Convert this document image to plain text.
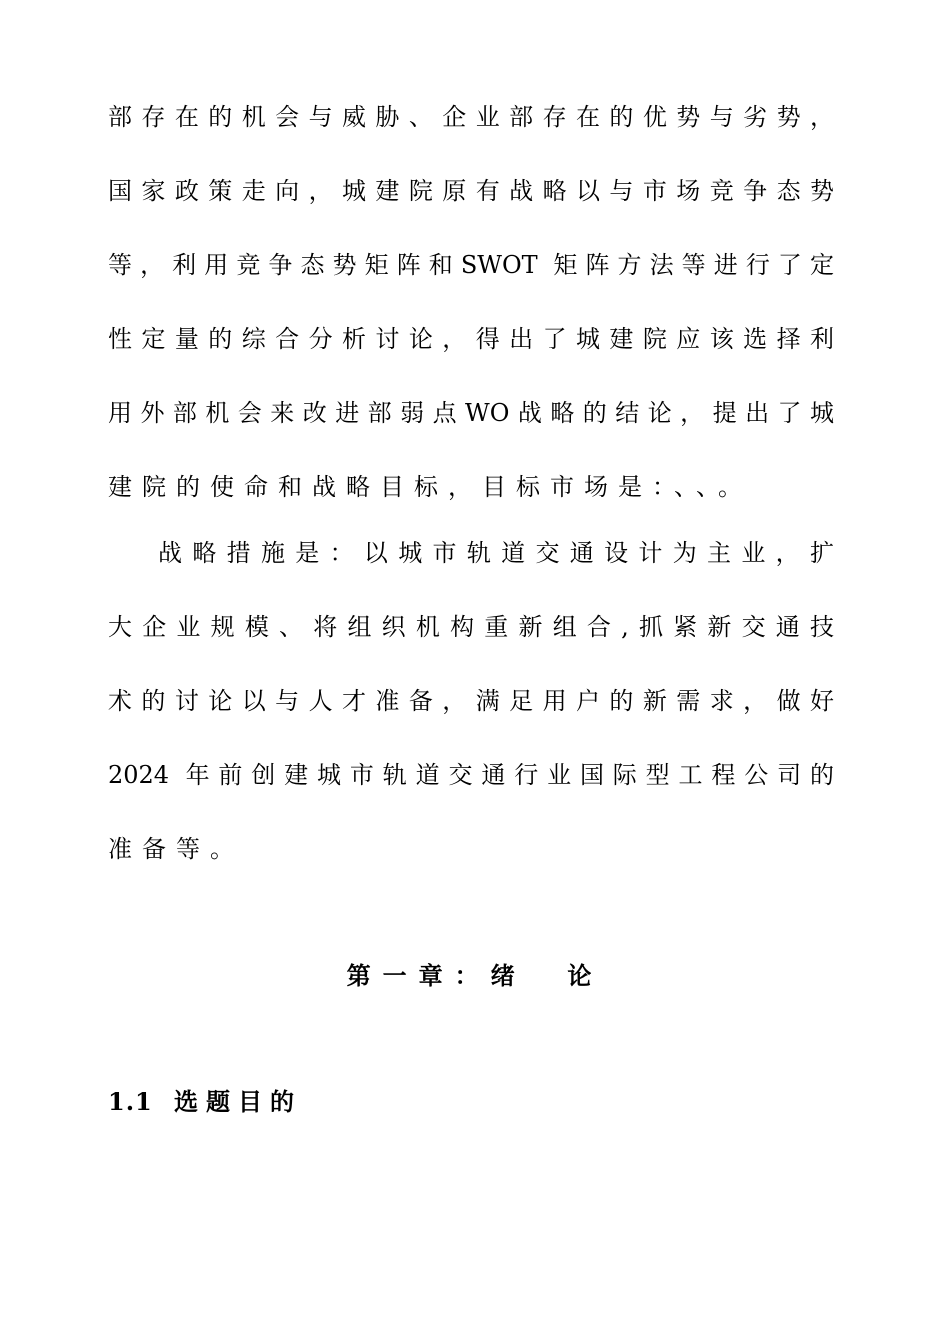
部存在的机会与威胁、企业部存在的优势与劣势，
国家政策走向，城建院原有战略以与市场竞争态势
等，利用竞争态势矩阵和SWOT 矩阵方法等进行了定
性定量的综合分析讨论，得出了城建院应该选择利
用外部机会来改进部弱点WO战略的结论，提出了城
建院的使命和战略目标，目标市场是：、、。
战略措施是：以城市轨道交通设计为主业，扩
大企业规模、将组织机构重新组合,抓紧新交通技
术的讨论以与人才准备，满足用户的新需求，做好
2024 年前创建城市轨道交通行业国际型工程公司的
准备等。
第一章：绪  论
1.1 选题目的
